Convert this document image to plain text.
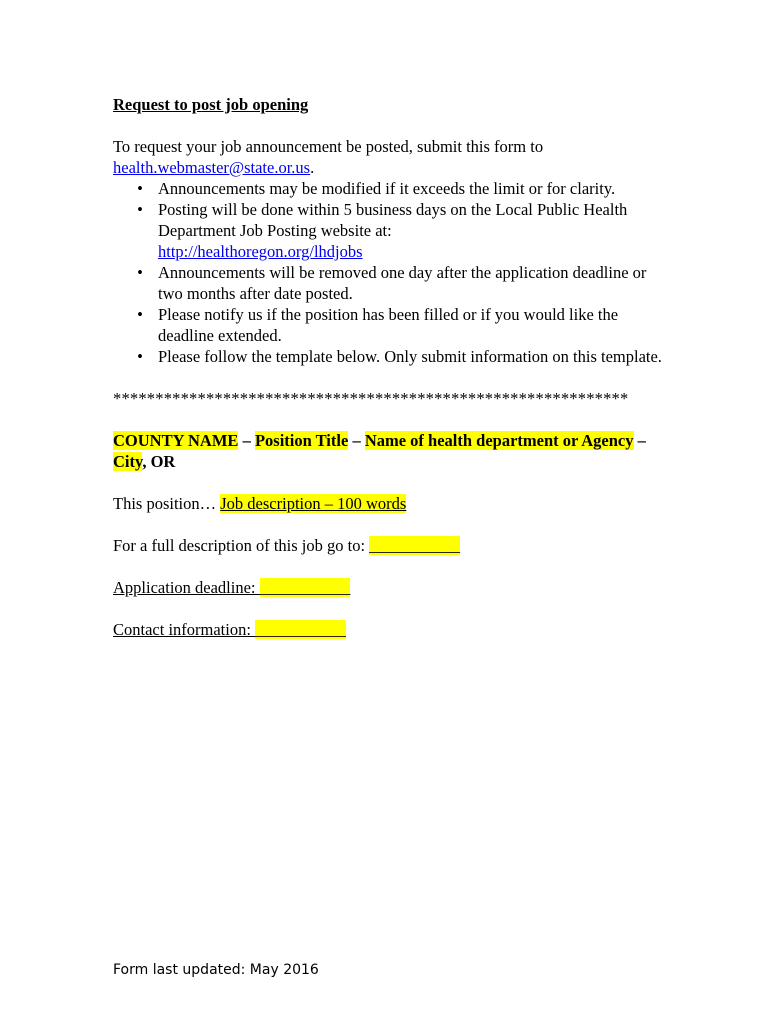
Request to post job opening

To request your job announcement be posted, submit this form to health.webmaster@state.or.us.
• Announcements may be modified if it exceeds the limit or for clarity.
• Posting will be done within 5 business days on the Local Public Health Department Job Posting website at:
http://healthoregon.org/lhdjobs
• Announcements will be removed one day after the application deadline or two months after date posted.
• Please notify us if the position has been filled or if you would like the deadline extended.
• Please follow the template below. Only submit information on this template.
*************************************************************
COUNTY NAME – Position Title – Name of health department or Agency – City, OR
This position… Job description – 100 words
For a full description of this job go to: ___________
Application deadline: ___________
Contact information: ___________
Form last updated: May 2016
